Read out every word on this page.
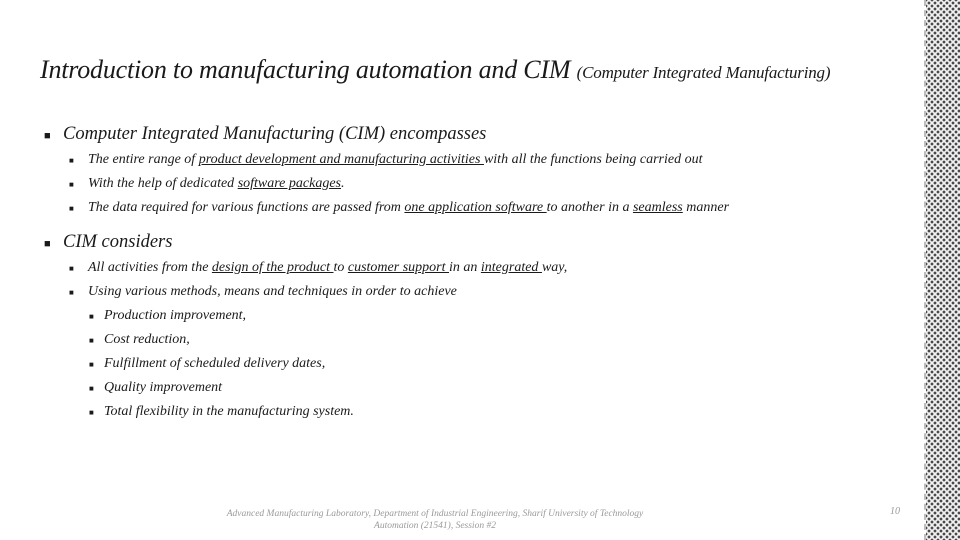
Introduction to manufacturing automation and CIM (Computer Integrated Manufacturing)
■ Computer Integrated Manufacturing (CIM) encompasses
■ The entire range of product development and manufacturing activities with all the functions being carried out
■ With the help of dedicated software packages.
■ The data required for various functions are passed from one application software to another in a seamless manner
■ CIM considers
■ All activities from the design of the product to customer support in an integrated way,
■ Using various methods, means and techniques in order to achieve
■ Production improvement,
■ Cost reduction,
■ Fulfillment of scheduled delivery dates,
■ Quality improvement
■ Total flexibility in the manufacturing system.
Advanced Manufacturing Laboratory, Department of Industrial Engineering, Sharif University of Technology
Automation (21541), Session #2
10
